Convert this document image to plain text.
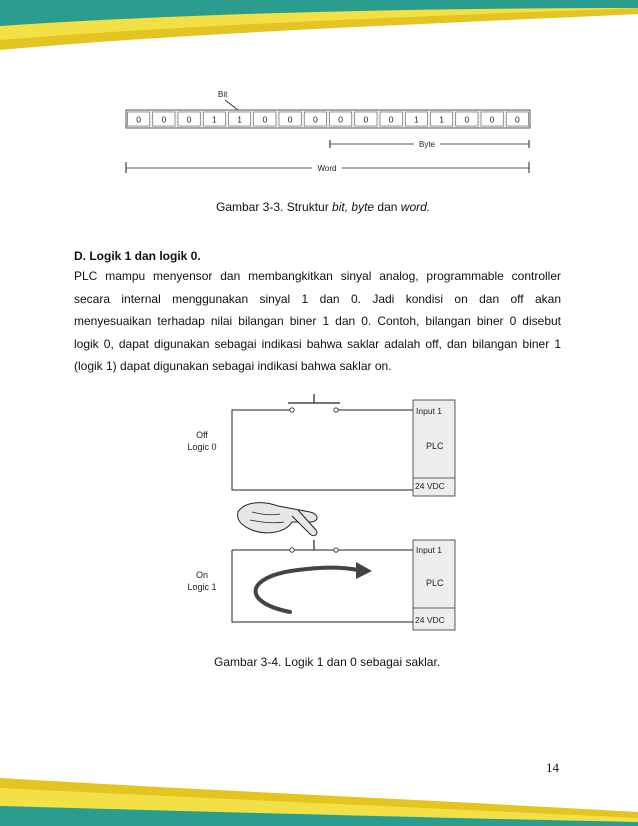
Bit
0 0 0 1 1 0 0 0 0 0 0 1 1 0 0 0
Byte
Word
Gambar 3-3. Struktur bit, byte dan word.
D. Logik 1 dan logik 0.
PLC mampu menyensor dan membangkitkan sinyal analog, programmable controller
secara internal menggunakan sinyal 1 dan 0. Jadi kondisi on dan off akan
menyesuaikan terhadap nilai bilangan biner 1 dan 0. Contoh, bilangan biner 0 disebut
logik 0, dapat digunakan sebagai indikasi bahwa saklar adalah off, dan bilangan biner 1
(logik 1) dapat digunakan sebagai indikasi bahwa saklar on.
Input 1
PLC
24 VDC
Off
Logic 0
Input 1
PLC
24 VDC
On
Logic 1
Gambar 3-4. Logik 1 dan 0 sebagai saklar.
14
